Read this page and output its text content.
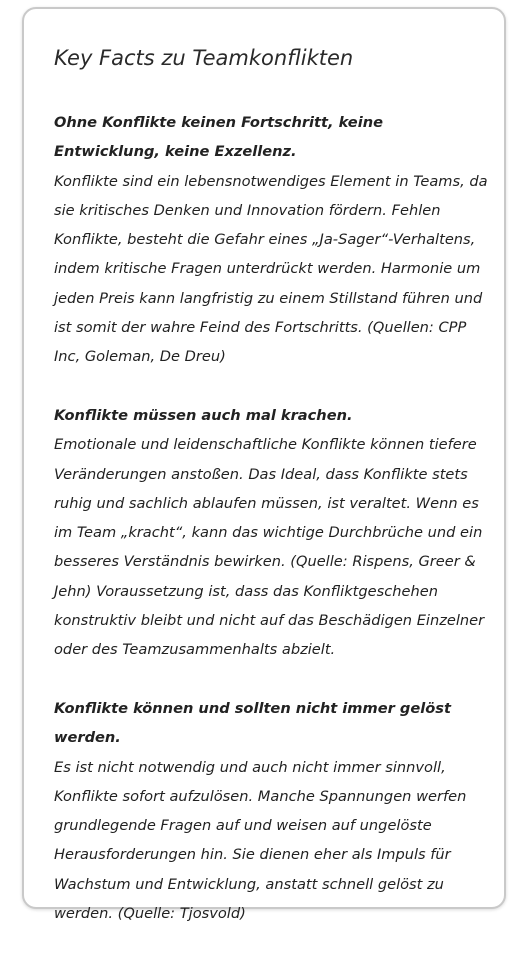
Key Facts zu Teamkonflikten
Ohne Konflikte keinen Fortschritt, keine Entwicklung, keine Exzellenz.
Konflikte sind ein lebensnotwendiges Element in Teams, da sie kritisches Denken und Innovation fördern. Fehlen Konflikte, besteht die Gefahr eines „Ja-Sager“-Verhaltens, indem kritische Fragen unterdrückt werden. Harmonie um jeden Preis kann langfristig zu einem Stillstand führen und ist somit der wahre Feind des Fortschritts. (Quellen: CPP Inc, Goleman, De Dreu)
Konflikte müssen auch mal krachen.
Emotionale und leidenschaftliche Konflikte können tiefere Veränderungen anstoßen. Das Ideal, dass Konflikte stets ruhig und sachlich ablaufen müssen, ist veraltet. Wenn es im Team „kracht“, kann das wichtige Durchbrüche und ein besseres Verständnis bewirken. (Quelle: Rispens, Greer & Jehn) Voraussetzung ist, dass das Konfliktgeschehen konstruktiv bleibt und nicht auf das Beschädigen Einzelner oder des Teamzusammenhalts abzielt.
Konflikte können und sollten nicht immer gelöst werden.
Es ist nicht notwendig und auch nicht immer sinnvoll, Konflikte sofort aufzulösen. Manche Spannungen werfen grundlegende Fragen auf und weisen auf ungelöste Herausforderungen hin. Sie dienen eher als Impuls für Wachstum und Entwicklung, anstatt schnell gelöst zu werden. (Quelle: Tjosvold)
